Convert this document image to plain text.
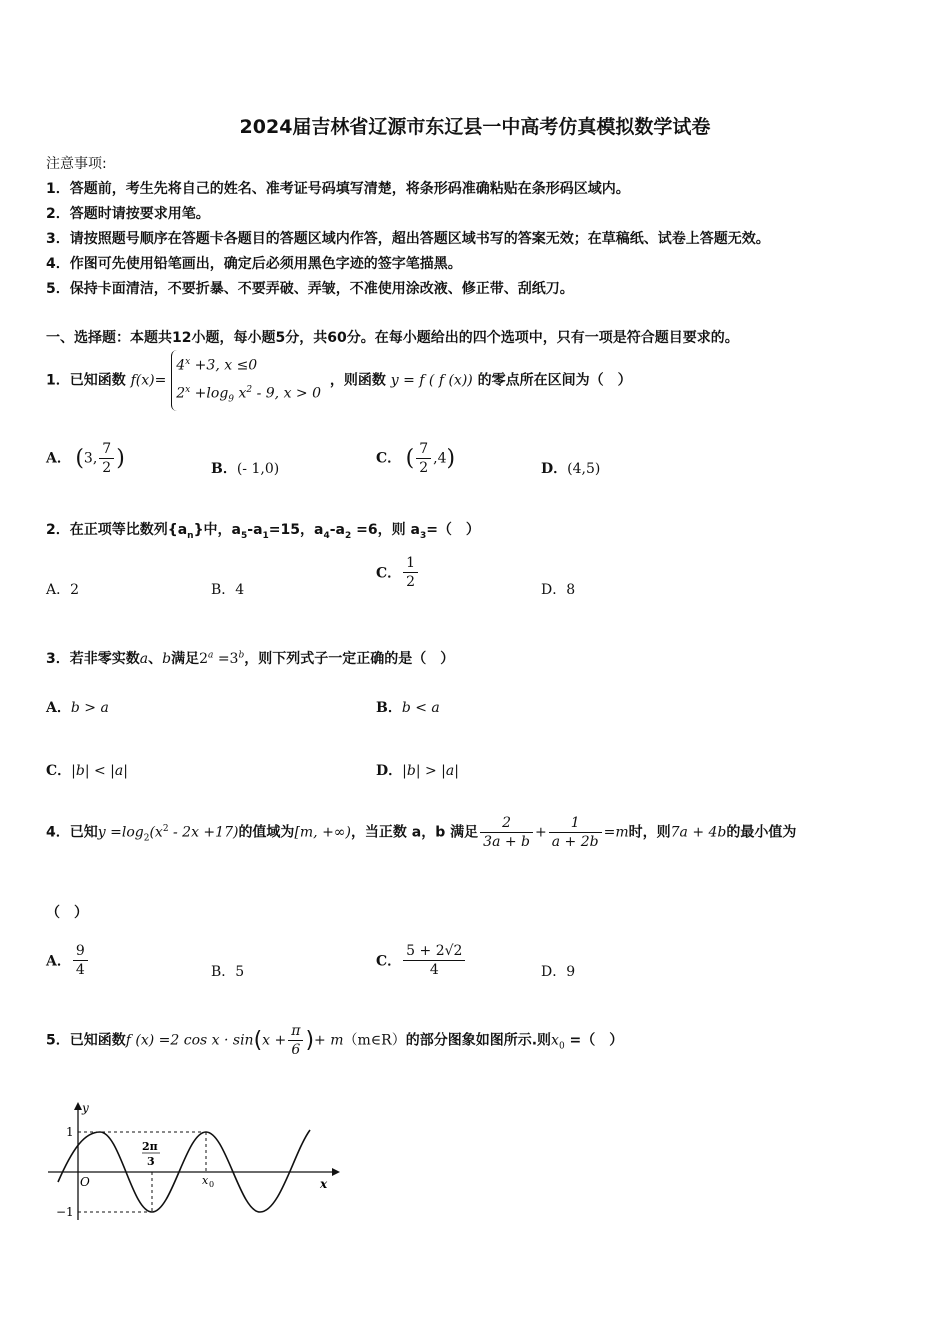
2024届吉林省辽源市东辽县一中高考仿真模拟数学试卷
注意事项:
1．答题前，考生先将自己的姓名、准考证号码填写清楚，将条形码准确粘贴在条形码区域内。
2．答题时请按要求用笔。
3．请按照题号顺序在答题卡各题目的答题区域内作答，超出答题区域书写的答案无效；在草稿纸、试卷上答题无效。
4．作图可先使用铅笔画出，确定后必须用黑色字迹的签字笔描黑。
5．保持卡面清洁，不要折暴、不要弄破、弄皱，不准使用涂改液、修正带、刮纸刀。
一、选择题：本题共12小题，每小题5分，共60分。在每小题给出的四个选项中，只有一项是符合题目要求的。
1．已知函数 f(x)=
$4^x +3$, x ≤0
$2^x +\log_9$ $x^2 - 9$, x > 0
，则函数 y = f ( f (x)) 的零点所在区间为（　）
A． (3, $\frac{7}{2}$ )	B．(- 1,0)
C． ( $\frac{7}{2} ,4$)	D．(4,5)
2．在正项等比数列$\{a_n\}$中，$a_5-a_1=15$，$a_4-a_2 =6$，则 $a_3=$（　）
A．2	B．4
C． $\frac{1}{2}$	D．8
3．若非零实数a、b满足$2^a =3^b$，则下列式子一定正确的是（　）
A．b > a	B．b < a
C．|b| < |a|	D．|b| > |a|
4．已知$y =\log_2(x^2 - 2x +17)$的值域为[m, +∞)，当正数 a，b 满足 $\frac{2}{3a + b} + \frac{1}{a + 2b} =m$时，则7a + 4b的最小值为
（　）
A． $\frac{9}{4}$	B．5
C． $\frac{5 + 2√2}{4}$	D．9
5．已知函数f (x) =2 $\cos x \cdot \sin(x + \frac{\pi}{6}$ )+ m（m∈R）的部分图象如图所示.则$x_0$ =（　）
y
x
O
1
−1
2π
3
x 0
